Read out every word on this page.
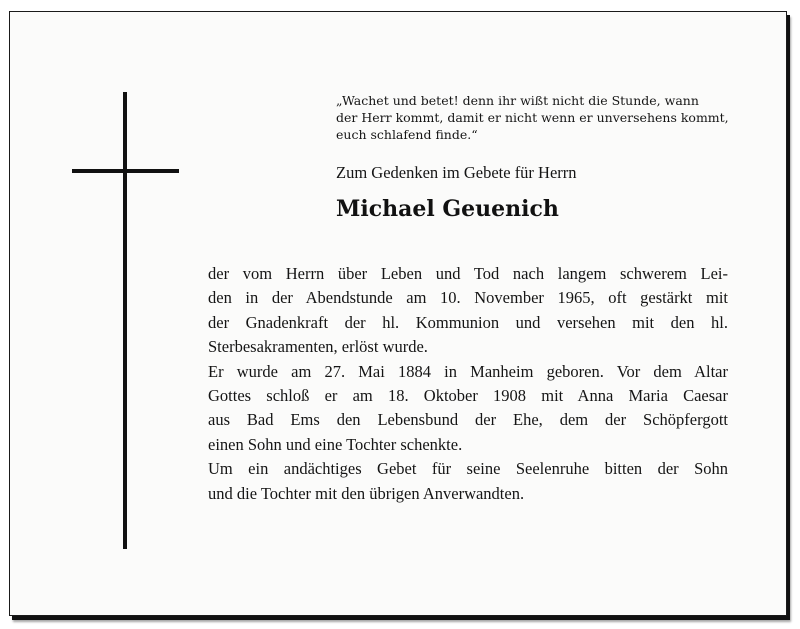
„Wachet und betet! denn ihr wißt nicht die Stunde, wann
der Herr kommt, damit er nicht wenn er unversehens kommt,
euch schlafend finde.“
Zum Gedenken im Gebete für Herrn
Michael Geuenich
der vom Herrn über Leben und Tod nach langem schwerem Lei-
den in der Abendstunde am 10. November 1965, oft gestärkt mit
der Gnadenkraft der hl. Kommunion und versehen mit den hl.
Sterbesakramenten, erlöst wurde.
Er wurde am 27. Mai 1884 in Manheim geboren. Vor dem Altar
Gottes schloß er am 18. Oktober 1908 mit Anna Maria Caesar
aus Bad Ems den Lebensbund der Ehe, dem der Schöpfergott
einen Sohn und eine Tochter schenkte.
Um ein andächtiges Gebet für seine Seelenruhe bitten der Sohn
und die Tochter mit den übrigen Anverwandten.
